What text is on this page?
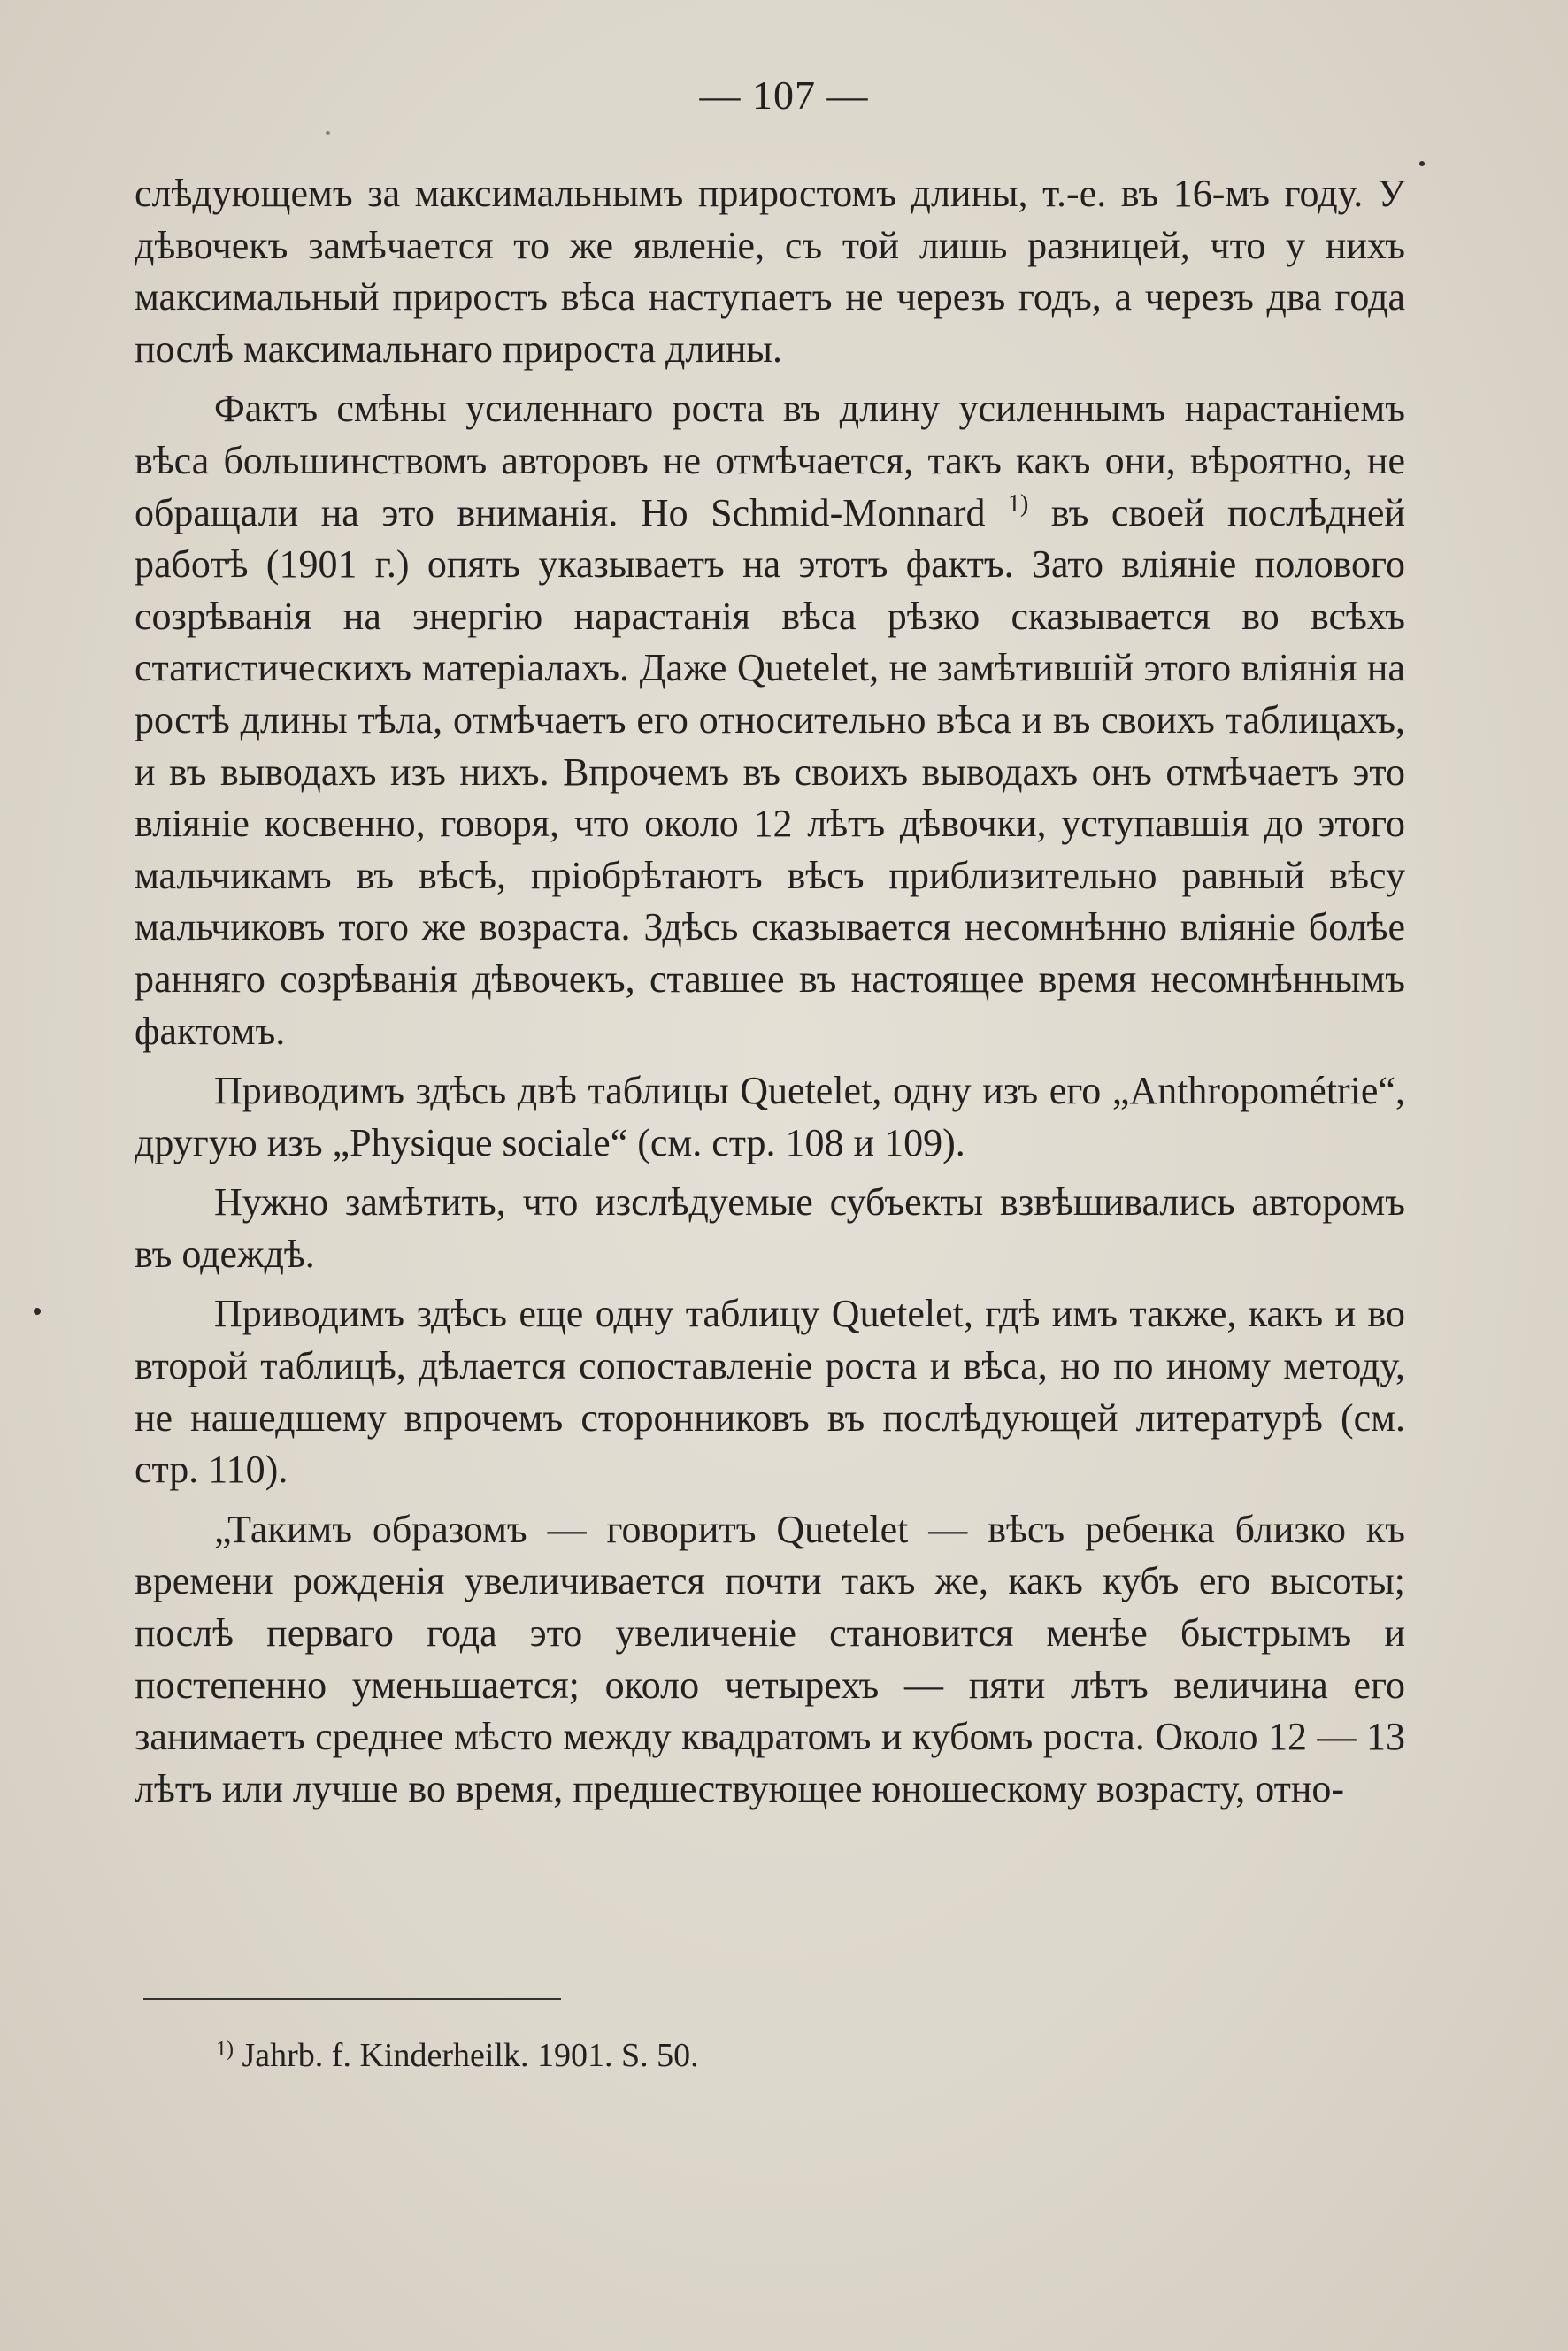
— 107 —

слѣдующемъ за максимальнымъ приростомъ длины, т.-е. въ 16-мъ году. У дѣвочекъ замѣчается то же явленіе, съ той лишь разницей, что у нихъ максимальный приростъ вѣса наступаетъ не черезъ годъ, а черезъ два года послѣ максимальнаго прироста длины.

Фактъ смѣны усиленнаго роста въ длину усиленнымъ нарастаніемъ вѣса большинствомъ авторовъ не отмѣчается, такъ какъ они, вѣроятно, не обращали на это вниманія. Но Schmid-Monnard $^{1)}$ въ своей послѣдней работѣ (1901 г.) опять указываетъ на этотъ фактъ. Зато вліяніе полового созрѣванія на энергію нарастанія вѣса рѣзко сказывается во всѣхъ статистическихъ матеріалахъ. Даже Quetelet, не замѣтившій этого вліянія на ростѣ длины тѣла, отмѣчаетъ его относительно вѣса и въ своихъ таблицахъ, и въ выводахъ изъ нихъ. Впрочемъ въ своихъ выводахъ онъ отмѣчаетъ это вліяніе косвенно, говоря, что около 12 лѣтъ дѣвочки, уступавшія до этого мальчикамъ въ вѣсѣ, пріобрѣтаютъ вѣсъ приблизительно равный вѣсу мальчиковъ того же возраста. Здѣсь сказывается несомнѣнно вліяніе болѣе ранняго созрѣванія дѣвочекъ, ставшее въ настоящее время несомнѣннымъ фактомъ.

Приводимъ здѣсь двѣ таблицы Quetelet, одну изъ его „Anthropométrie“, другую изъ „Physique sociale“ (см. стр. 108 и 109).

Нужно замѣтить, что изслѣдуемые субъекты взвѣшивались авторомъ въ одеждѣ.

Приводимъ здѣсь еще одну таблицу Quetelet, гдѣ имъ также, какъ и во второй таблицѣ, дѣлается сопоставленіе роста и вѣса, но по иному методу, не нашедшему впрочемъ сторонниковъ въ послѣдующей литературѣ (см. стр. 110).

„Такимъ образомъ — говоритъ Quetelet — вѣсъ ребенка близко къ времени рожденія увеличивается почти такъ же, какъ кубъ его высоты; послѣ перваго года это увеличеніе становится менѣе быстрымъ и постепенно уменьшается; около четырехъ — пяти лѣтъ величина его занимаетъ среднее мѣсто между квадратомъ и кубомъ роста. Около 12 — 13 лѣтъ или лучше во время, предшествующее юношескому возрасту, отно-

$^{1)}$ Jahrb. f. Kinderheilk. 1901. S. 50.
